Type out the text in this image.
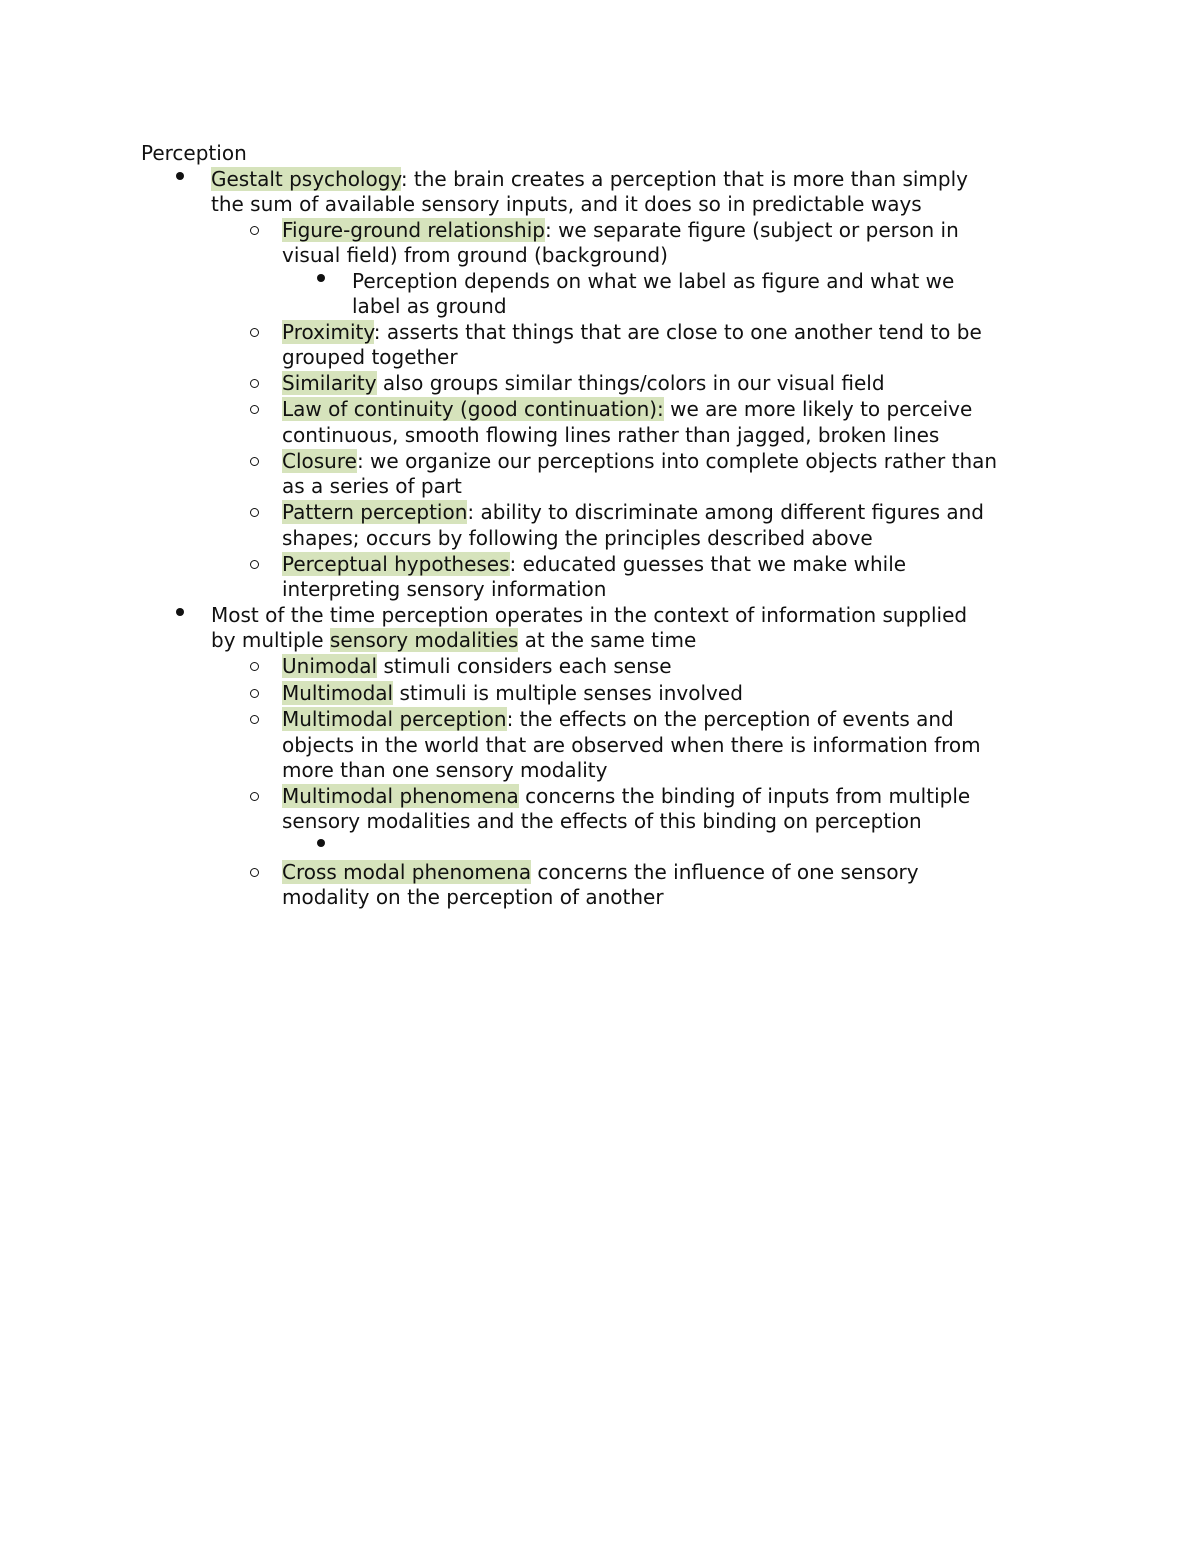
Perception
Gestalt psychology: the brain creates a perception that is more than simply
the sum of available sensory inputs, and it does so in predictable ways
Figure-ground relationship: we separate figure (subject or person in
visual field) from ground (background)
Perception depends on what we label as figure and what we
label as ground
Proximity: asserts that things that are close to one another tend to be
grouped together
Similarity also groups similar things/colors in our visual field
Law of continuity (good continuation): we are more likely to perceive
continuous, smooth flowing lines rather than jagged, broken lines
Closure: we organize our perceptions into complete objects rather than
as a series of part
Pattern perception: ability to discriminate among different figures and
shapes; occurs by following the principles described above
Perceptual hypotheses: educated guesses that we make while
interpreting sensory information
Most of the time perception operates in the context of information supplied
by multiple sensory modalities at the same time
Unimodal stimuli considers each sense
Multimodal stimuli is multiple senses involved
Multimodal perception: the effects on the perception of events and
objects in the world that are observed when there is information from
more than one sensory modality
Multimodal phenomena concerns the binding of inputs from multiple
sensory modalities and the effects of this binding on perception
Cross modal phenomena concerns the influence of one sensory
modality on the perception of another
